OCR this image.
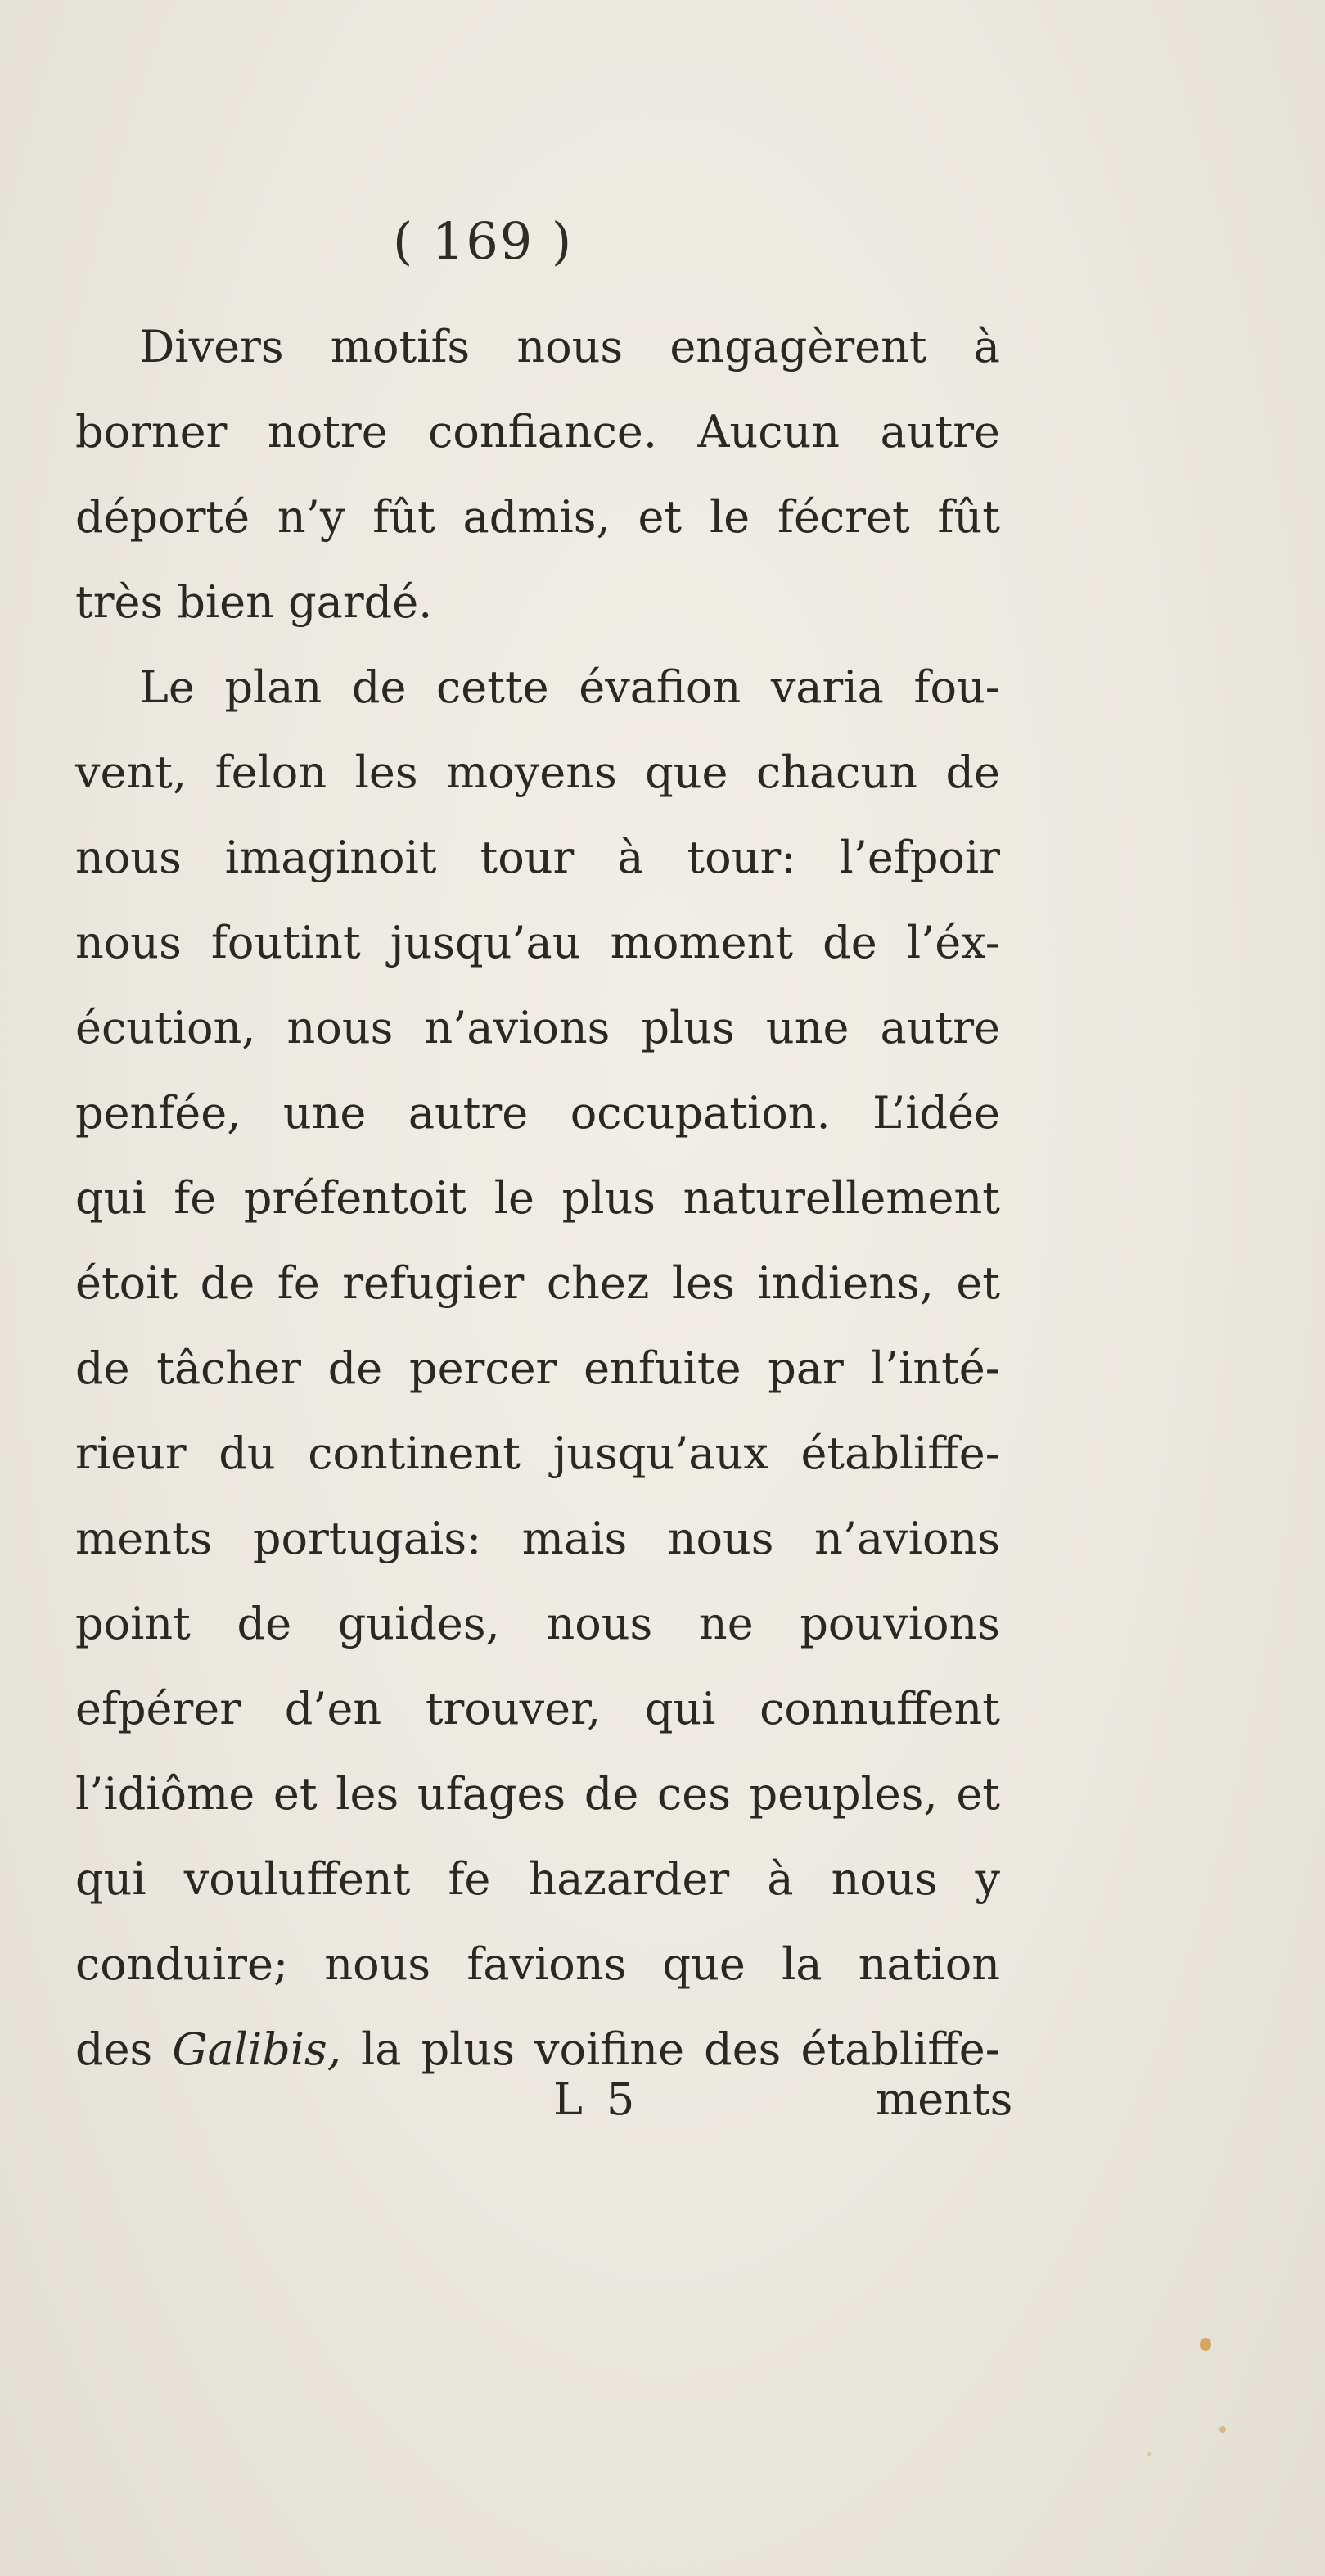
( 169 )
Divers motifs nous engagèrent à
borner notre confiance. Aucun autre
déporté n’y fût admis, et le fécret fût
très bien gardé.
Le plan de cette évafion varia fou-
vent, felon les moyens que chacun de
nous imaginoit tour à tour: l’efpoir
nous foutint jusqu’au moment de l’éx-
écution, nous n’avions plus une autre
penfée, une autre occupation. L’idée
qui fe préfentoit le plus naturellement
étoit de fe refugier chez les indiens, et
de tâcher de percer enfuite par l’inté-
rieur du continent jusqu’aux établiffe-
ments portugais: mais nous n’avions
point de guides, nous ne pouvions
efpérer d’en trouver, qui connuffent
l’idiôme et les ufages de ces peuples, et
qui vouluffent fe hazarder à nous y
conduire; nous favions que la nation
des Galibis, la plus voifine des établiffe-
L 5	ments
